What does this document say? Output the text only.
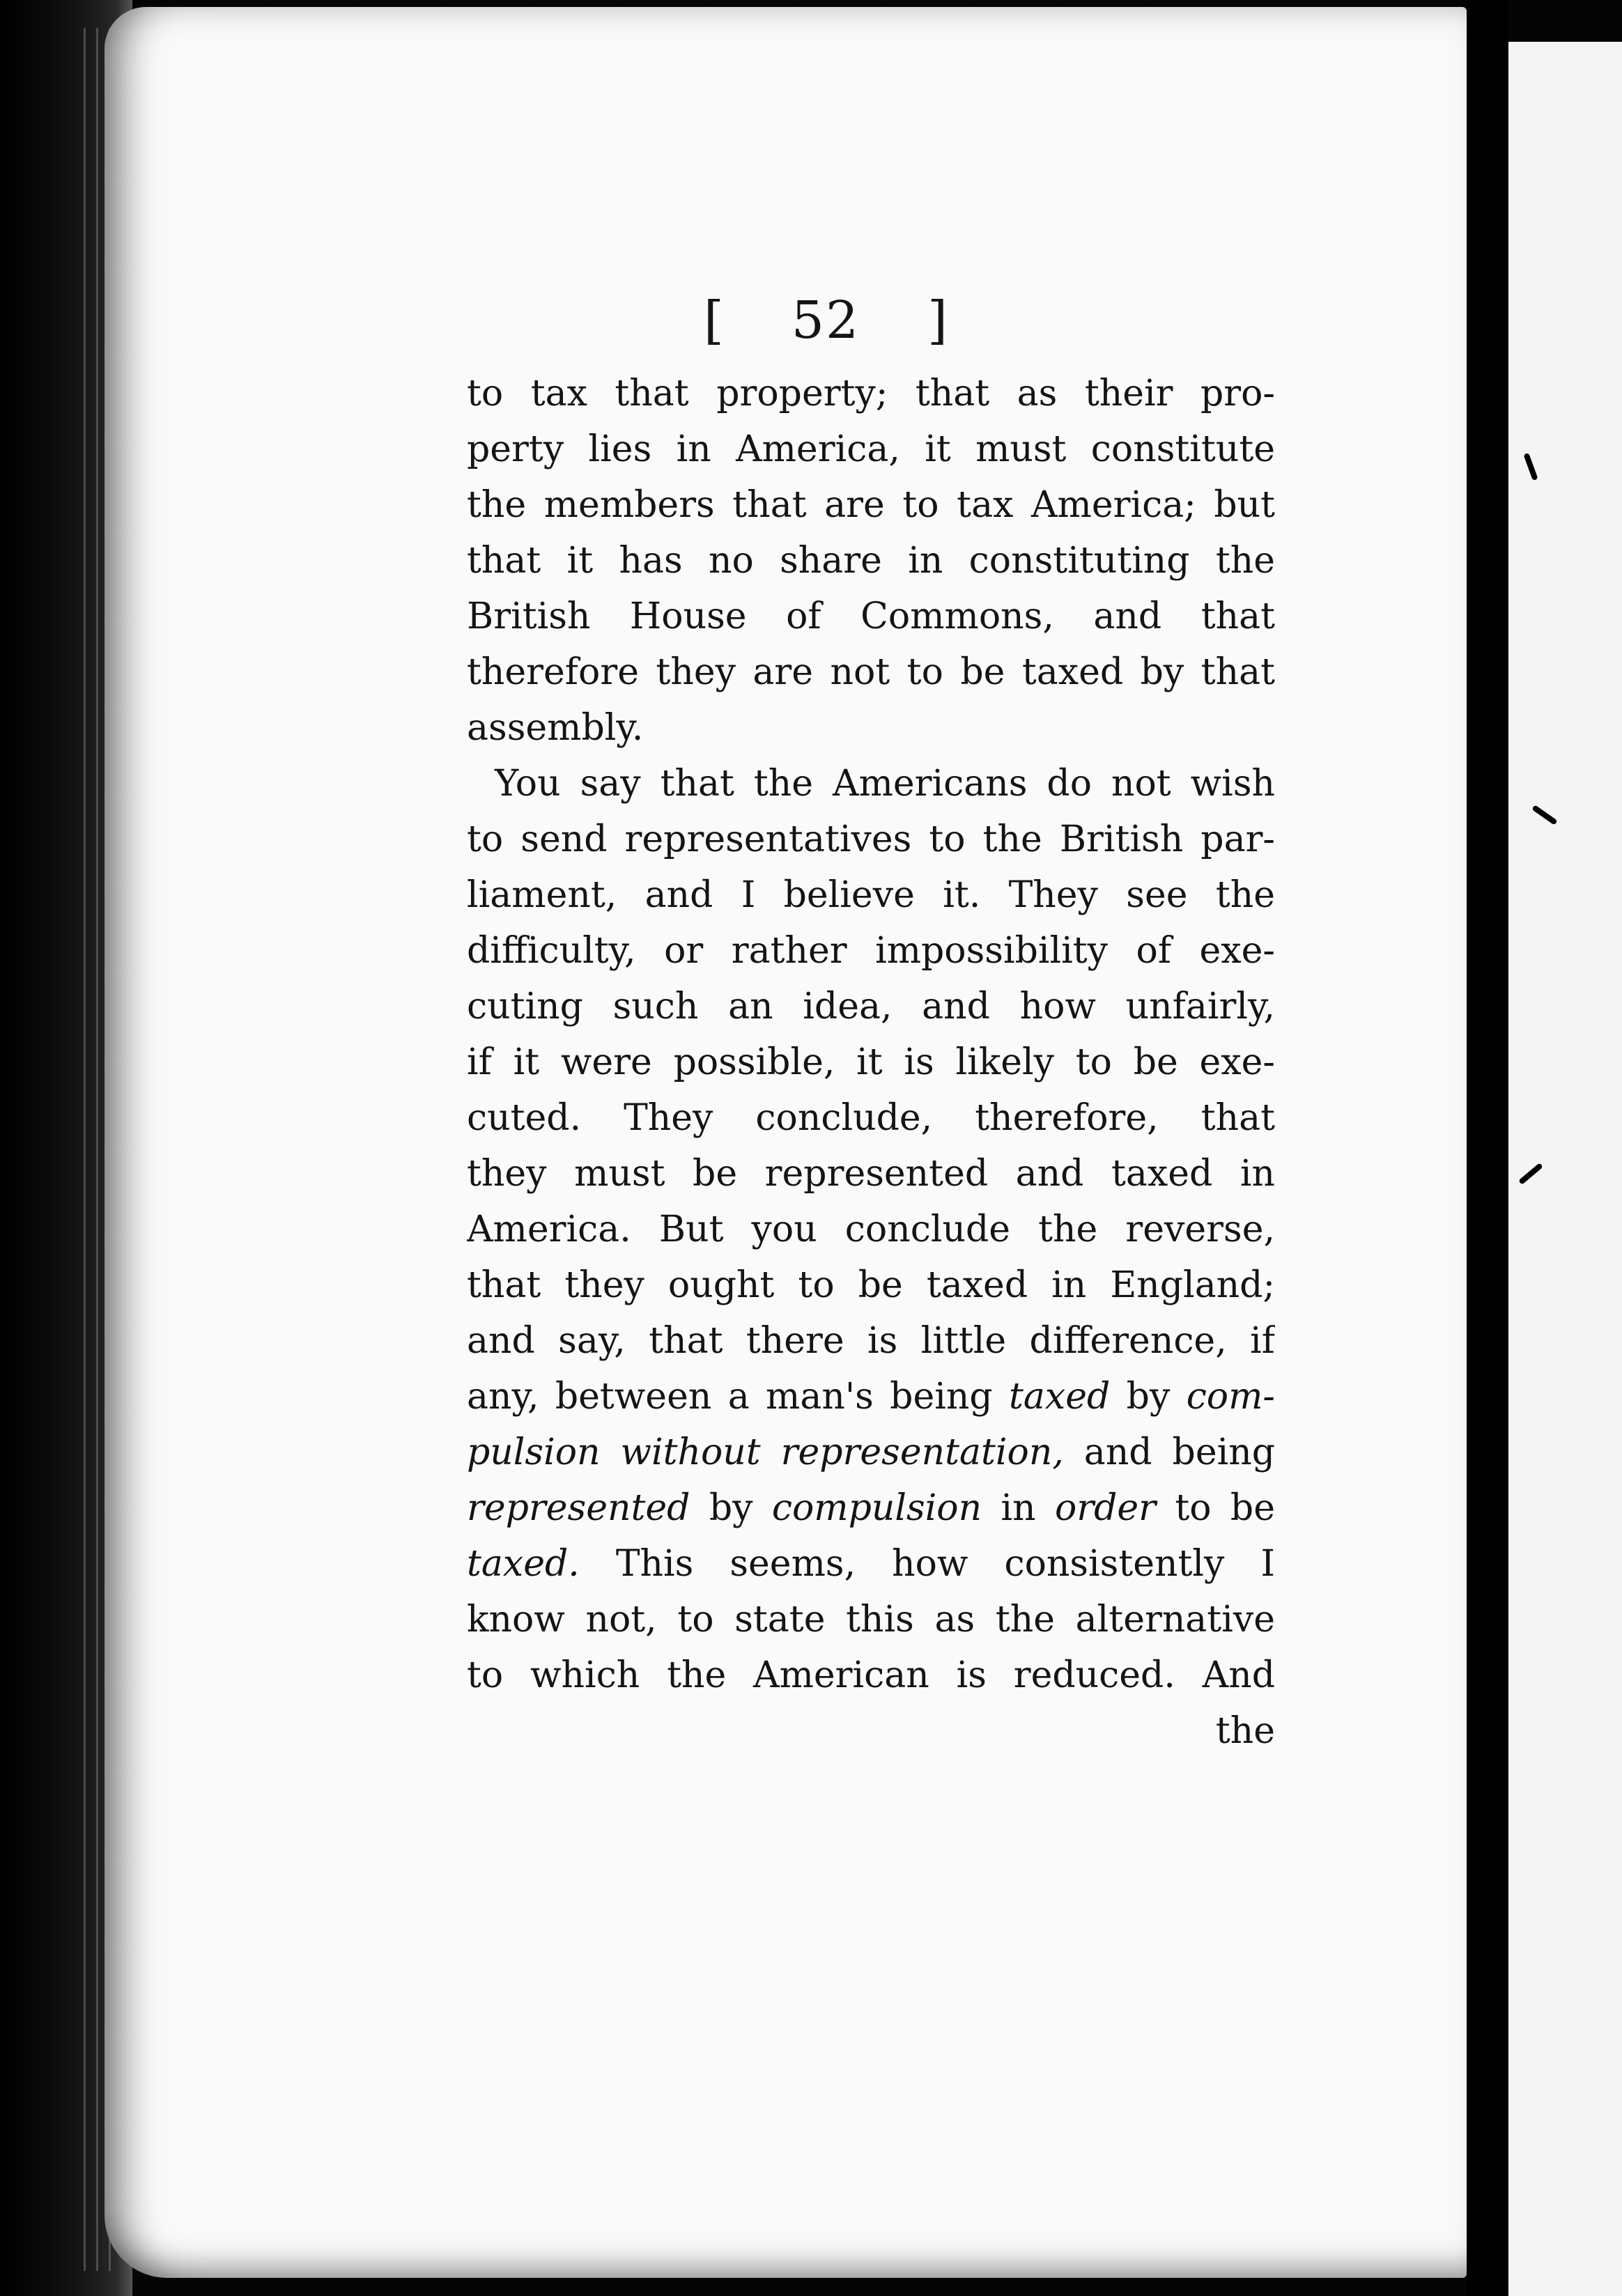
[ 52 ]
to tax that property; that as their pro-
perty lies in America, it must constitute
the members that are to tax America; but
that it has no share in constituting the
British House of Commons, and that
therefore they are not to be taxed by that
assembly.
You say that the Americans do not wish
to send representatives to the British par-
liament, and I believe it. They see the
difficulty, or rather impossibility of exe-
cuting such an idea, and how unfairly,
if it were possible, it is likely to be exe-
cuted. They conclude, therefore, that
they must be represented and taxed in
America. But you conclude the reverse,
that they ought to be taxed in England;
and say, that there is little difference, if
any, between a man's being taxed by com-
pulsion without representation, and being
represented by compulsion in order to be
taxed. This seems, how consistently I
know not, to state this as the alternative
to which the American is reduced. And
the
